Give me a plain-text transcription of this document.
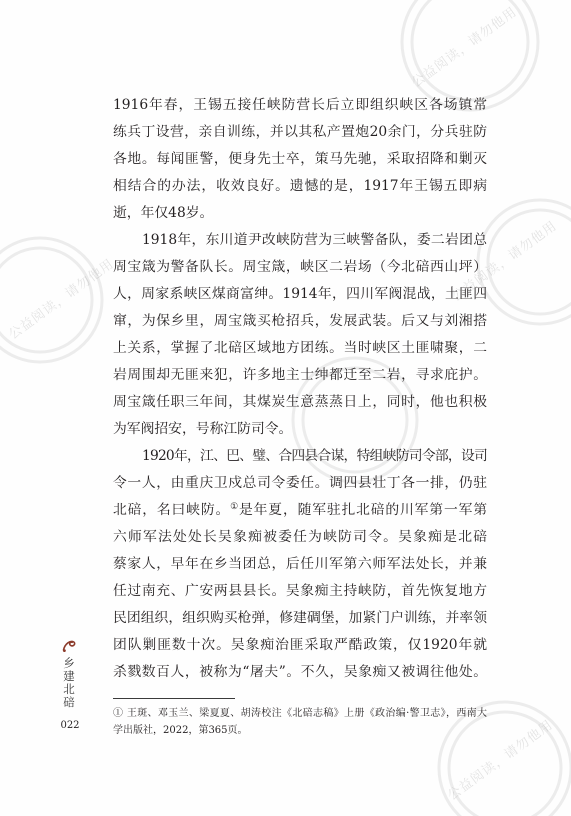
公益阅读，请勿他用
公益阅读，请勿他用	公益阅读，请勿他用
公益阅读，请勿他用
1916年春，王锡五接任峡防营长后立即组织峡区各场镇常
练兵丁设营，亲自训练，并以其私产置炮20余门，分兵驻防
各地。每闻匪警，便身先士卒，策马先驰，采取招降和剿灭
相结合的办法，收效良好。遗憾的是，1917年王锡五即病
逝，年仅48岁。
1918年，东川道尹改峡防营为三峡警备队，委二岩团总
周宝箴为警备队长。周宝箴，峡区二岩场（今北碚西山坪）
人，周家系峡区煤商富绅。1914年，四川军阀混战，土匪四
窜，为保乡里，周宝箴买枪招兵，发展武装。后又与刘湘搭
上关系，掌握了北碚区域地方团练。当时峡区土匪啸聚，二
岩周围却无匪来犯，许多地主士绅都迁至二岩，寻求庇护。
周宝箴任职三年间，其煤炭生意蒸蒸日上，同时，他也积极
为军阀招安，号称江防司令。
1920年，江、巴、璧、合四县合谋，特组峡防司令部，设司
令一人，由重庆卫戍总司令委任。调四县壮丁各一排，仍驻
北碚，名曰峡防。①是年夏，随军驻扎北碚的川军第一军第
六师军法处处长吴象痴被委任为峡防司令。吴象痴是北碚
蔡家人，早年在乡当团总，后任川军第六师军法处长，并兼
任过南充、广安两县县长。吴象痴主持峡防，首先恢复地方
民团组织，组织购买枪弹，修建碉堡，加紧门户训练，并率领
团队剿匪数十次。吴象痴治匪采取严酷政策，仅1920年就
杀戮数百人，被称为“屠夫”。不久，吴象痴又被调往他处。
① 王斑、邓玉兰、梁夏夏、胡涛校注《北碚志稿》上册《政治编·警卫志》，西南大
学出版社，2022，第365页。
乡建北碚
022
